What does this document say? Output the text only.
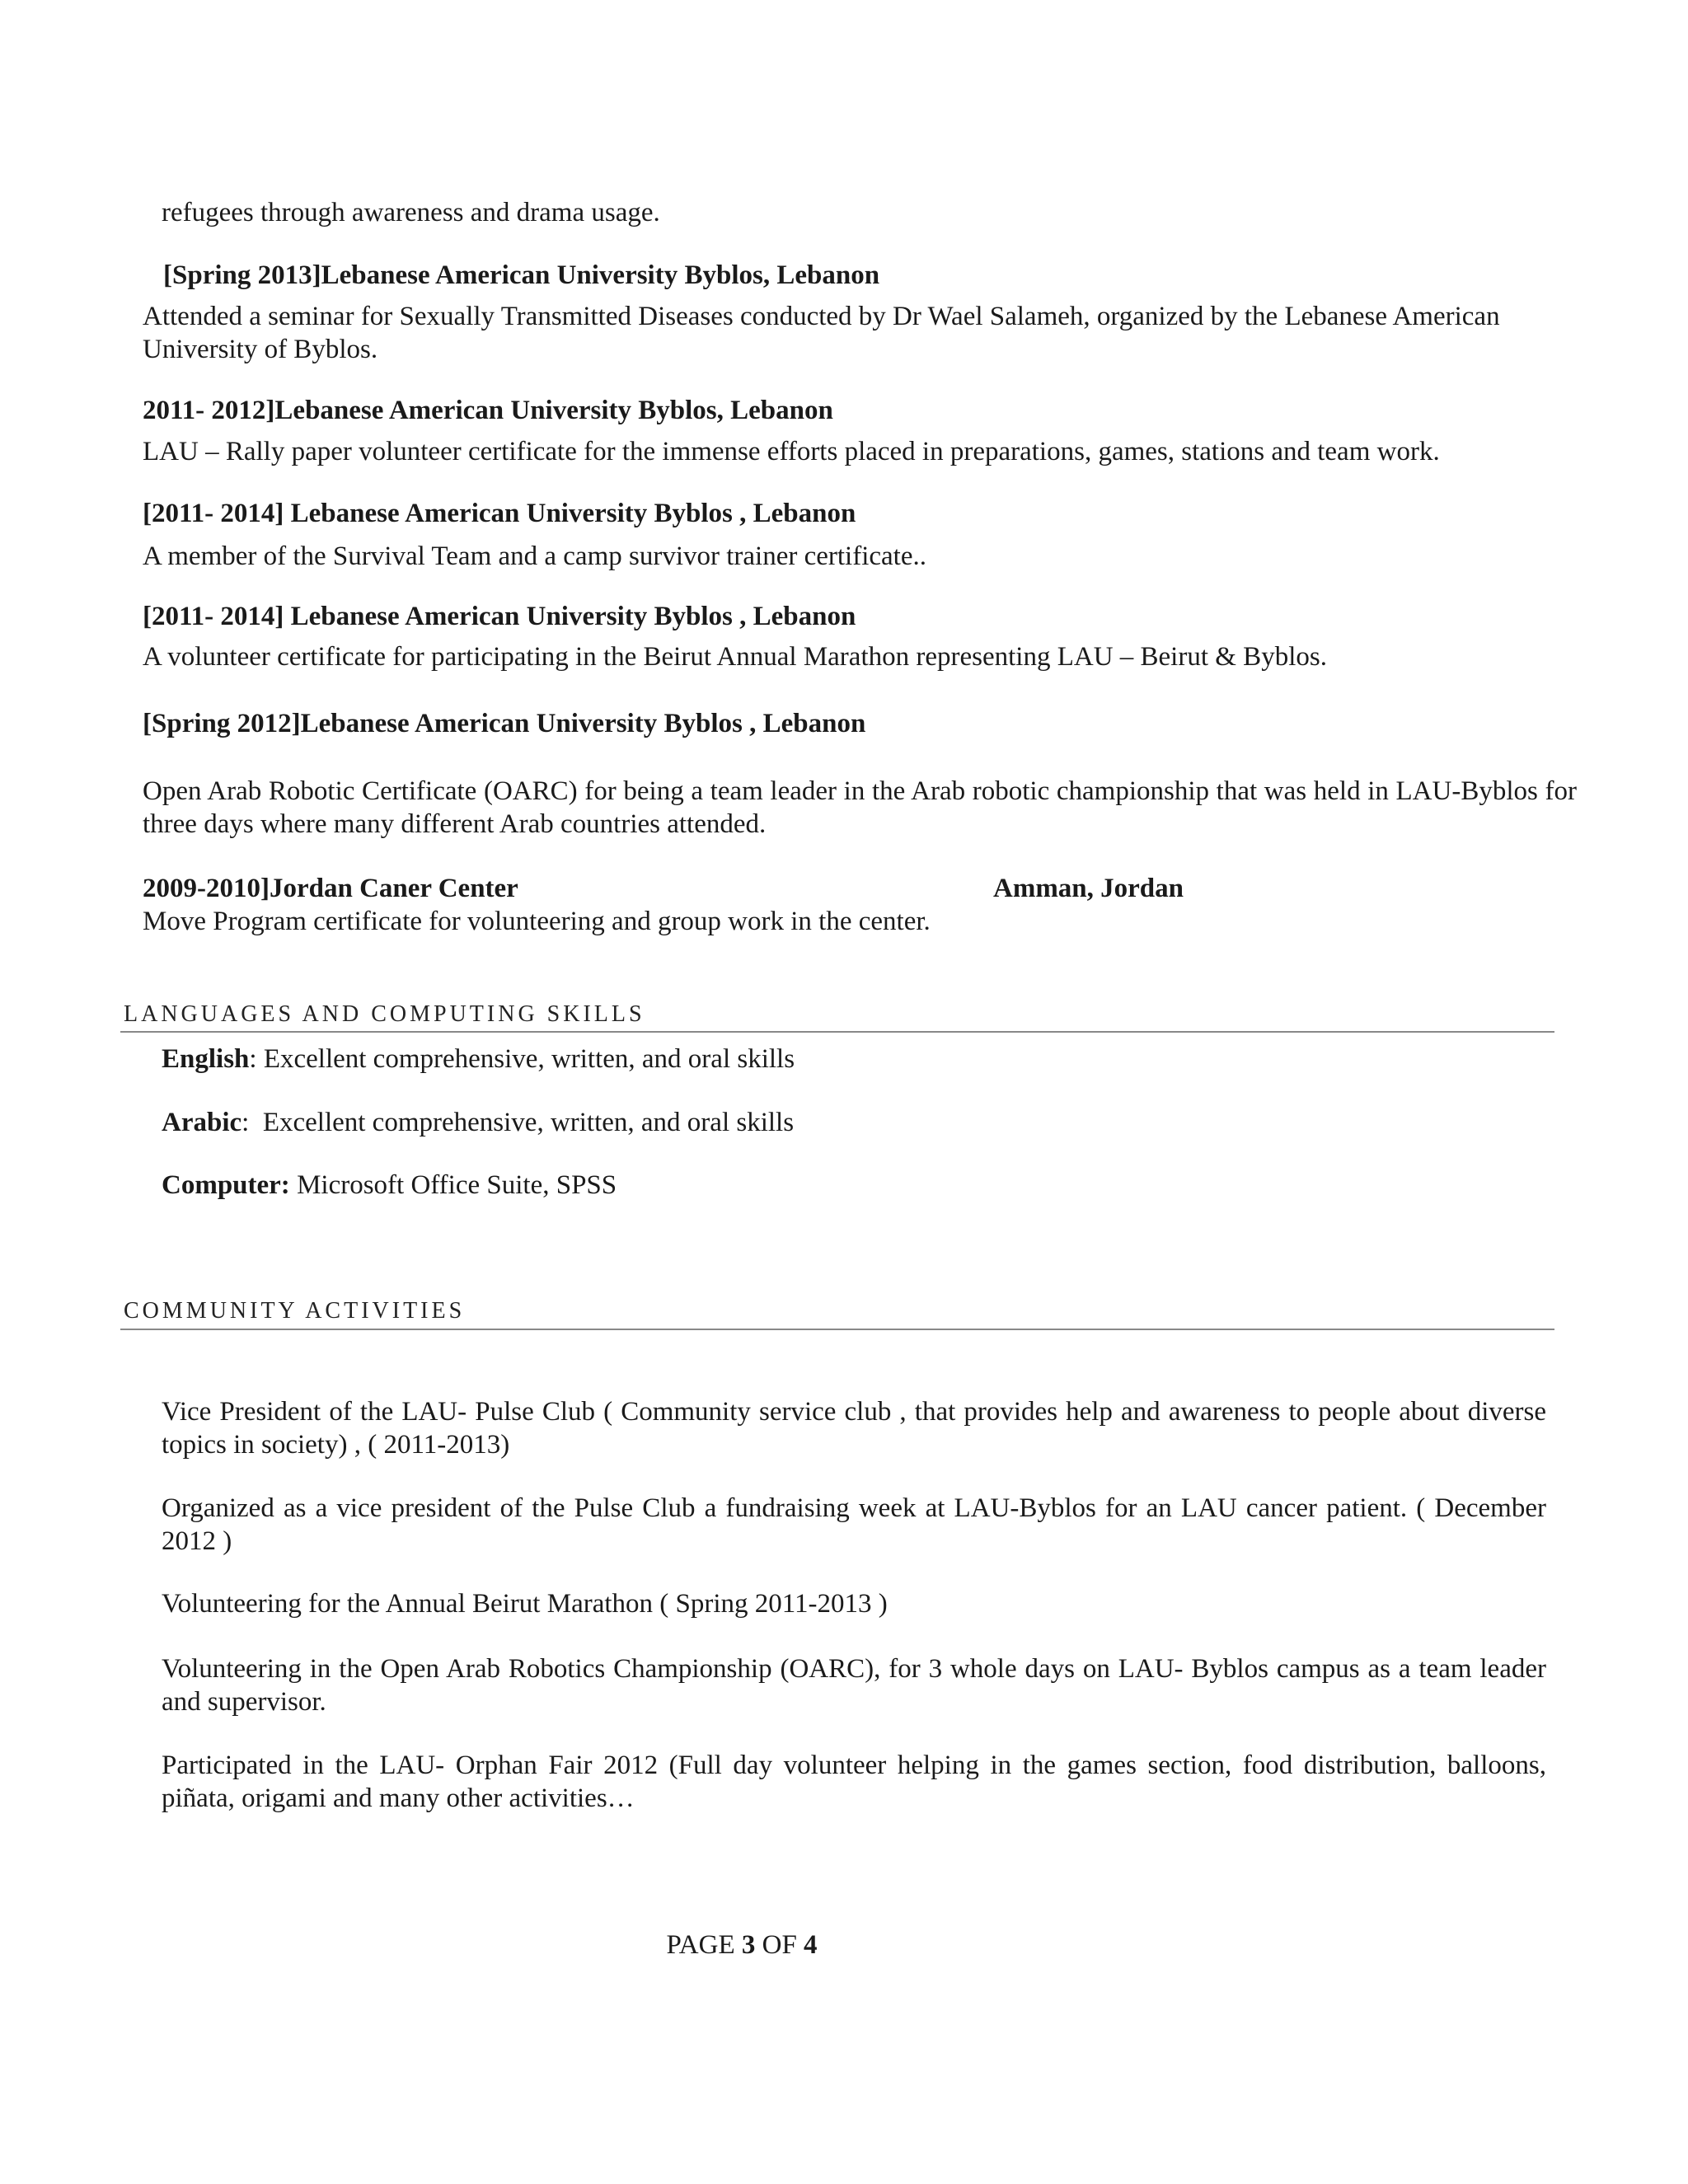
refugees through awareness and drama usage.
[Spring 2013]Lebanese American University Byblos, Lebanon
Attended a seminar for Sexually Transmitted Diseases conducted by Dr Wael Salameh, organized by the Lebanese American University of Byblos.
2011- 2012]Lebanese American University Byblos, Lebanon
LAU – Rally paper volunteer certificate for the immense efforts placed in preparations, games, stations and team work.
[2011- 2014] Lebanese American University Byblos , Lebanon
A member of the Survival Team and a camp survivor trainer certificate..
[2011- 2014] Lebanese American University Byblos , Lebanon
A volunteer certificate for participating in the Beirut Annual Marathon representing LAU – Beirut & Byblos.
[Spring 2012]Lebanese American University Byblos , Lebanon
Open Arab Robotic Certificate (OARC) for being a team leader in the Arab robotic championship that was held in LAU-Byblos for three days where many different Arab countries attended.
2009-2010]Jordan Caner Center	Amman, Jordan
Move Program certificate for volunteering and group work in the center.
LANGUAGES AND COMPUTING SKILLS
English: Excellent comprehensive, written, and oral skills
Arabic:  Excellent comprehensive, written, and oral skills
Computer: Microsoft Office Suite, SPSS
COMMUNITY ACTIVITIES
Vice President of the LAU- Pulse Club ( Community service club , that provides help and awareness to people about diverse topics in society) , ( 2011-2013)
Organized as a vice president of the Pulse Club a fundraising week at LAU-Byblos for an LAU cancer patient. ( December 2012 )
Volunteering for the Annual Beirut Marathon ( Spring 2011-2013 )
Volunteering in the Open Arab Robotics Championship (OARC), for 3 whole days on LAU- Byblos campus as a team leader and supervisor.
Participated in the LAU- Orphan Fair 2012 (Full day volunteer helping in the games section, food distribution, balloons, piñata, origami and many other activities…
PAGE 3 OF 4
